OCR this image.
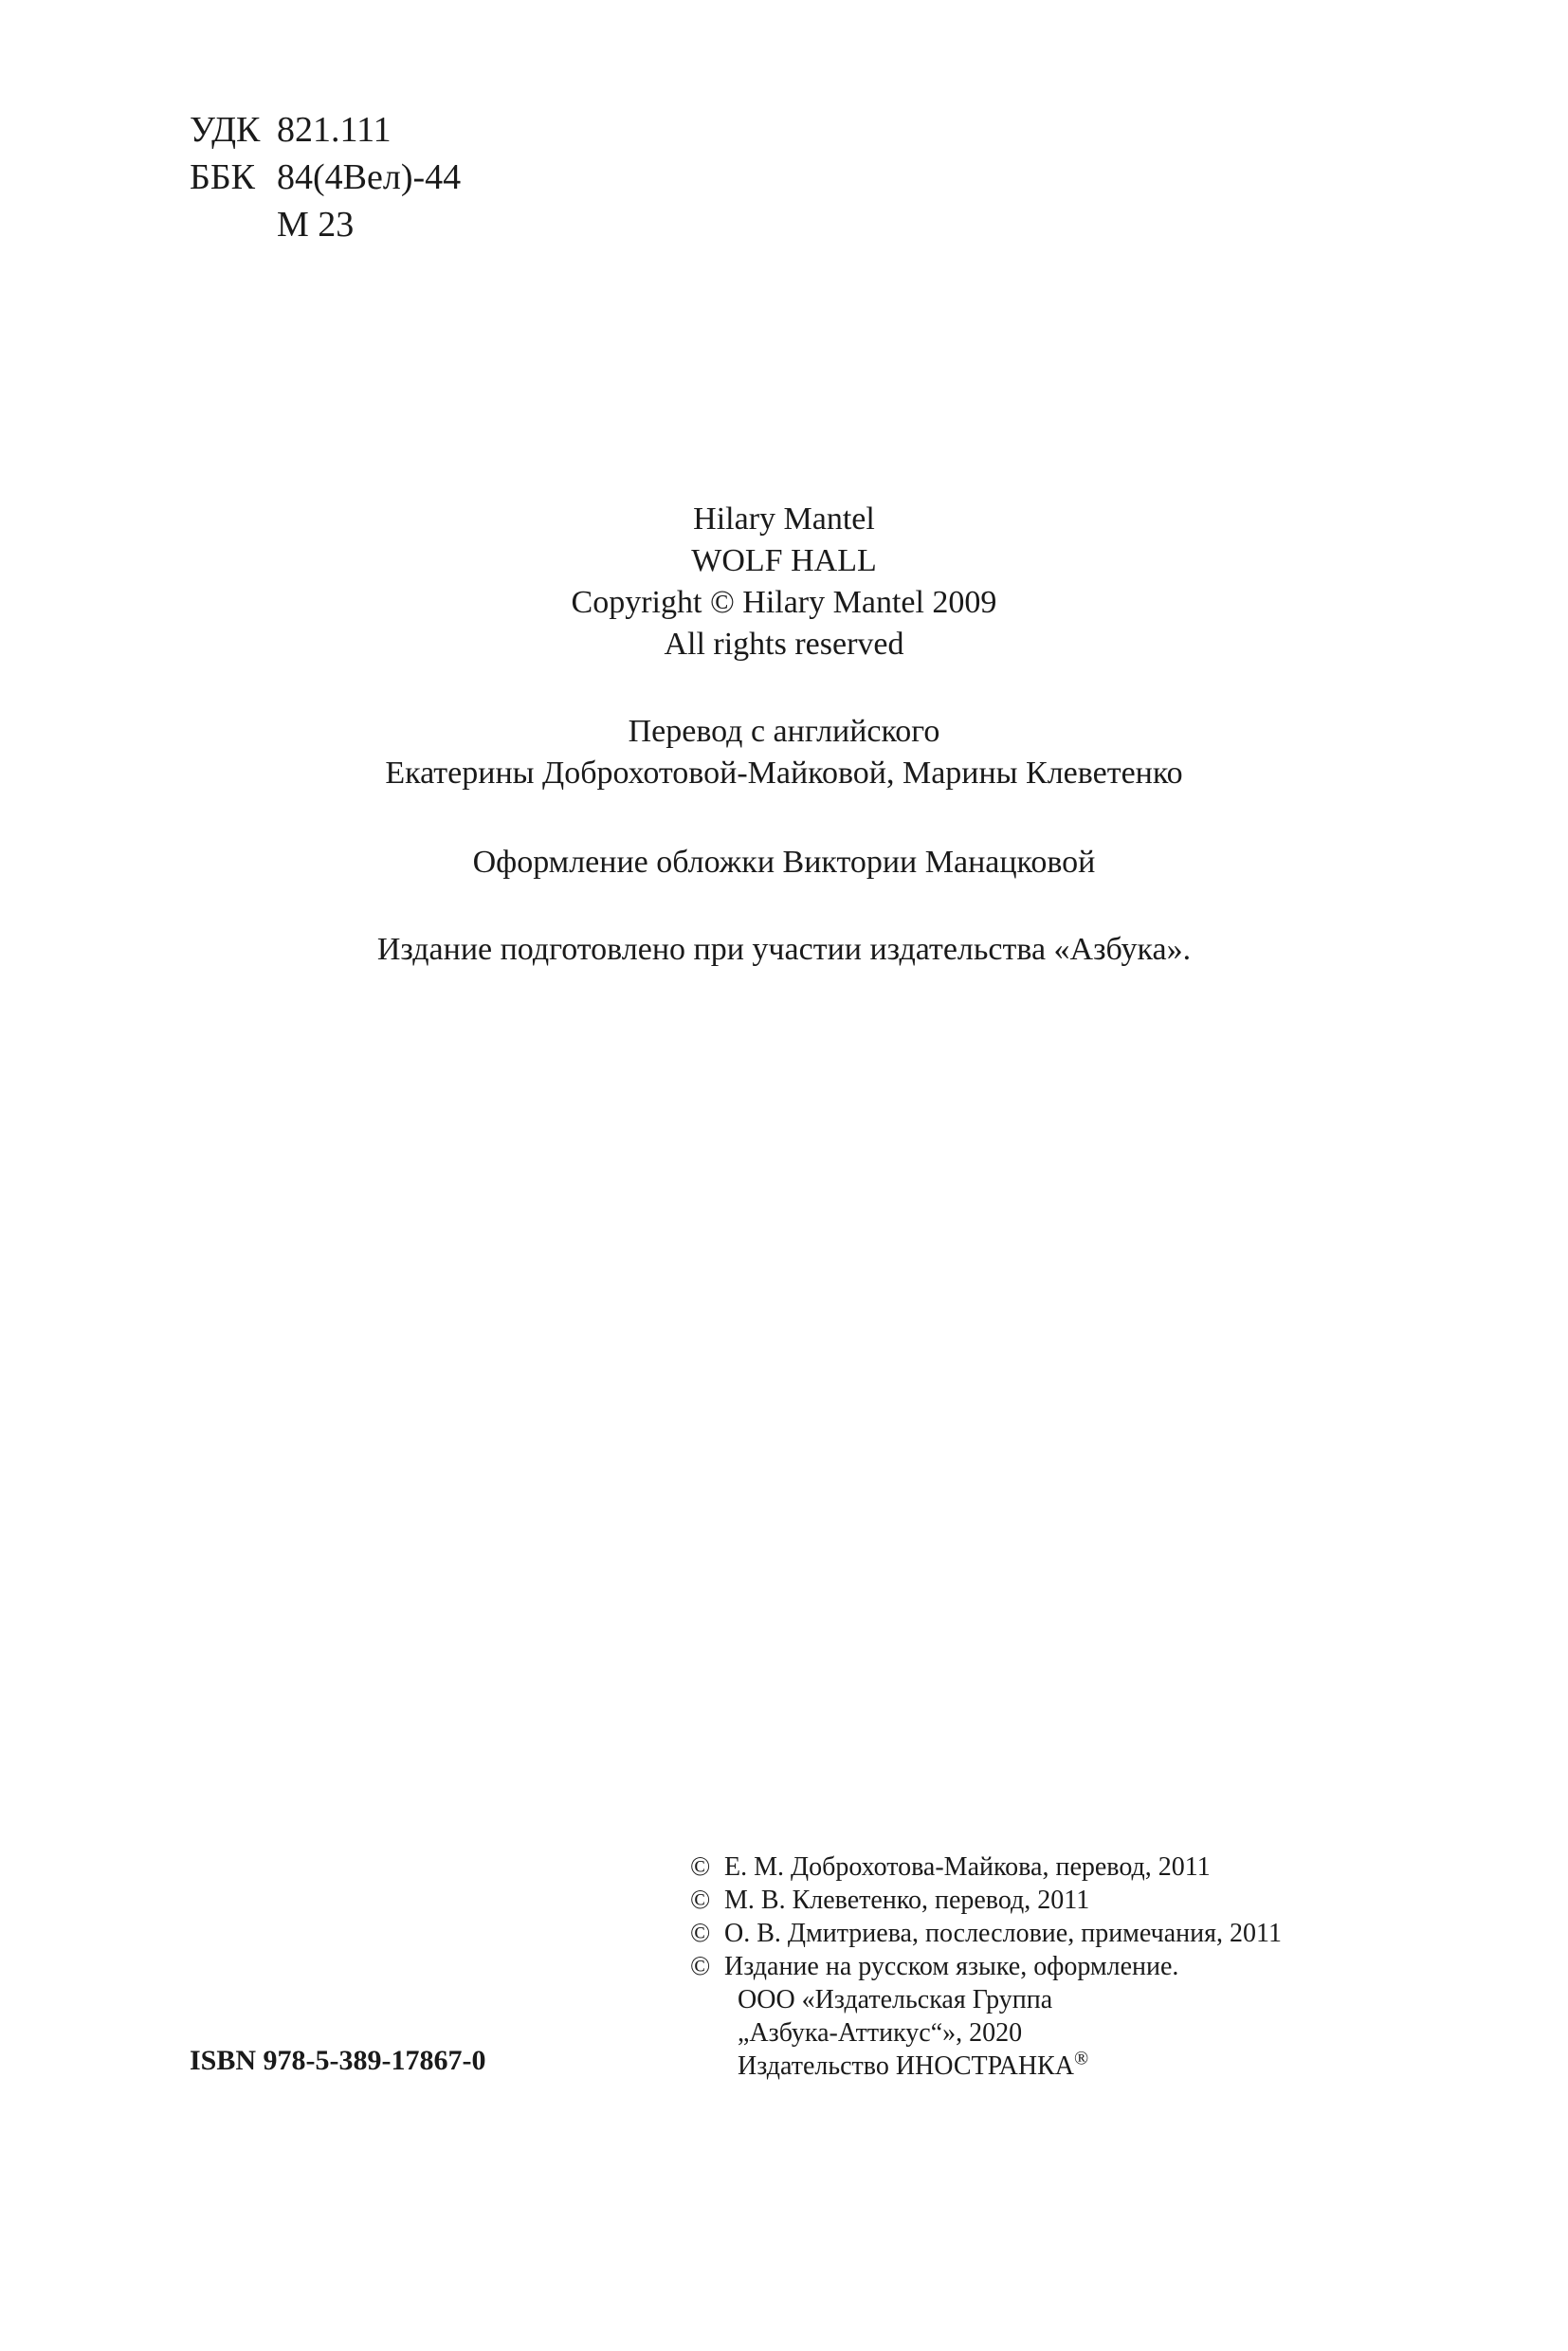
УДК 821.111
ББК 84(4Вел)-44
М 23
Hilary Mantel
WOLF HALL
Copyright © Hilary Mantel 2009
All rights reserved
Перевод с английского
Екатерины Доброхотовой-Майковой, Марины Клеветенко
Оформление обложки Виктории Манацковой
Издание подготовлено при участии издательства «Азбука».
ISBN 978-5-389-17867-0
© Е. М. Доброхотова-Майкова, перевод, 2011
© М. В. Клеветенко, перевод, 2011
© О. В. Дмитриева, послесловие, примечания, 2011
© Издание на русском языке, оформление.
ООО «Издательская Группа
„Азбука-Аттикус“», 2020
Издательство ИНОСТРАНКА®
